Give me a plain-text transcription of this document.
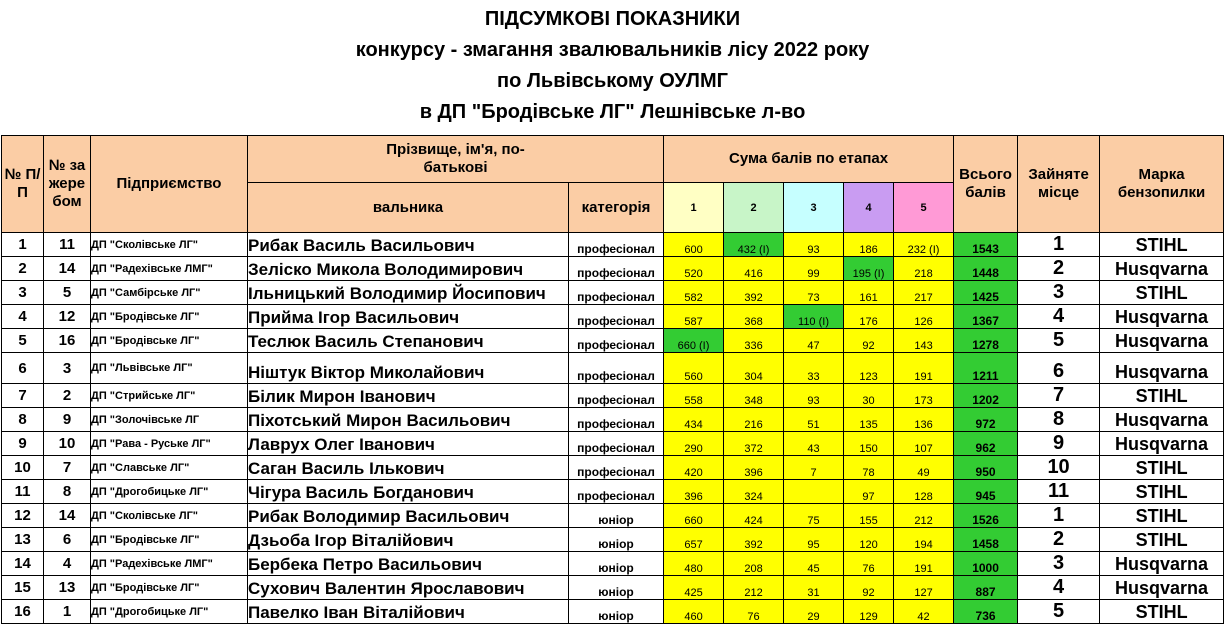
ПІДСУМКОВІ ПОКАЗНИКИ
конкурсу - змагання звалювальників лісу 2022 року
по Львівському ОУЛМГ
в ДП "Бродівське ЛГ" Лешнівське л-во
№ П/П	№ за жере бом	Підприємство	Прізвище, ім'я, по-батькові		Сума балів по етапах					Всього балів	Зайняте місце	Марка бензопилки
			вальника	категорія	1	2	3	4	5			
1	11	ДП "Сколівське ЛГ"	Рибак Василь Васильович	професіонал	600	432 (І)	93	186	232 (І)	1543	1	STIHL
2	14	ДП "Радехівське ЛМГ"	Зеліско Микола Володимирович	професіонал	520	416	99	195 (І)	218	1448	2	Husqvarna
3	5	ДП "Самбірське ЛГ"	Ільницький Володимир Йосипович	професіонал	582	392	73	161	217	1425	3	STIHL
4	12	ДП "Бродівське ЛГ"	Прийма Ігор Васильович	професіонал	587	368	110 (І)	176	126	1367	4	Husqvarna
5	16	ДП "Бродівське ЛГ"	Теслюк Василь Степанович	професіонал	660 (І)	336	47	92	143	1278	5	Husqvarna
6	3	ДП "Львівське ЛГ"	Ніштук Віктор Миколайович	професіонал	560	304	33	123	191	1211	6	Husqvarna
7	2	ДП "Стрийське ЛГ"	Білик Мирон Іванович	професіонал	558	348	93	30	173	1202	7	STIHL
8	9	ДП "Золочівське ЛГ	Піхотський Мирон Васильович	професіонал	434	216	51	135	136	972	8	Husqvarna
9	10	ДП "Рава - Руське ЛГ"	Лаврух Олег Іванович	професіонал	290	372	43	150	107	962	9	Husqvarna
10	7	ДП "Славське ЛГ"	Саган Василь Ількович	професіонал	420	396	7	78	49	950	10	STIHL
11	8	ДП "Дрогобицьке ЛГ"	Чігура Василь Богданович	професіонал	396	324		97	128	945	11	STIHL
12	14	ДП "Сколівське ЛГ"	Рибак Володимир Васильович	юніор	660	424	75	155	212	1526	1	STIHL
13	6	ДП "Бродівське ЛГ"	Дзьоба Ігор Віталійович	юніор	657	392	95	120	194	1458	2	STIHL
14	4	ДП "Радехівське ЛМГ"	Бербека Петро Васильович	юніор	480	208	45	76	191	1000	3	Husqvarna
15	13	ДП "Бродівське ЛГ"	Сухович Валентин Ярославович	юніор	425	212	31	92	127	887	4	Husqvarna
16	1	ДП "Дрогобицьке ЛГ"	Павелко Іван Віталійович	юніор	460	76	29	129	42	736	5	STIHL
